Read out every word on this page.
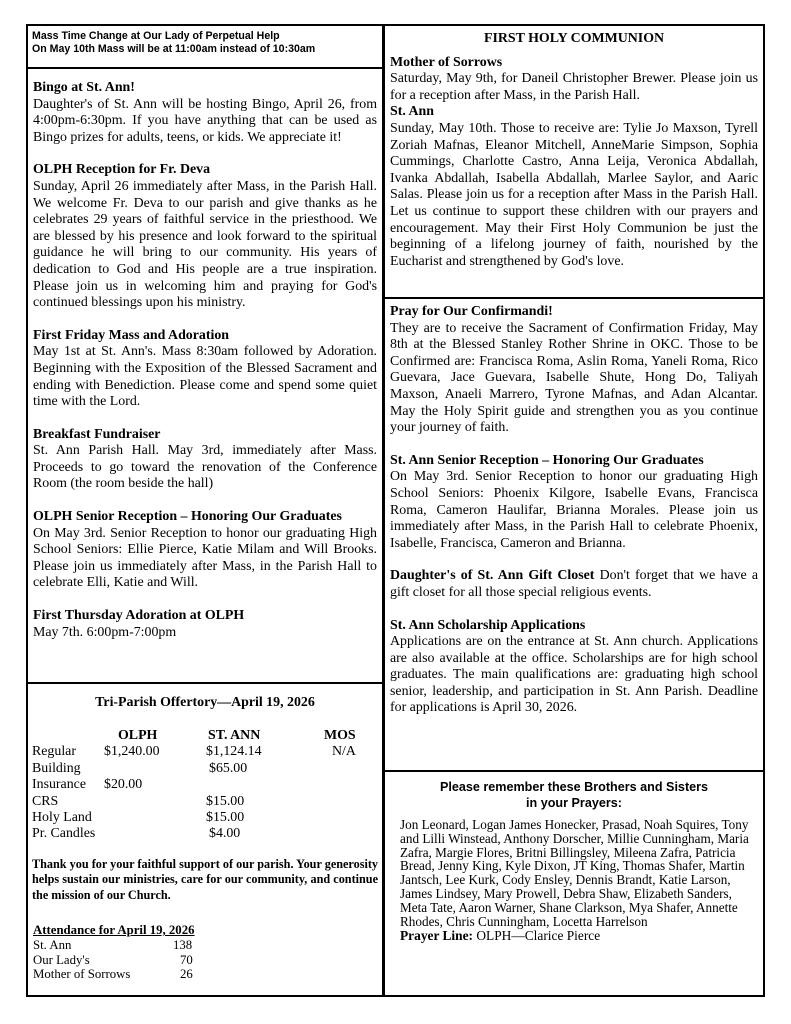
Mass Time Change at Our Lady of Perpetual Help

On May 10th Mass will be at 11:00am instead of 10:30am

Bingo at St. Ann!

Daughter's of St. Ann will be hosting Bingo, April 26, from 4:00pm-6:30pm. If you have anything that can be used as Bingo prizes for adults, teens, or kids. We appreciate it!

OLPH Reception for Fr. Deva

Sunday, April 26 immediately after Mass, in the Parish Hall. We welcome Fr. Deva to our parish and give thanks as he celebrates 29 years of faithful service in the priesthood. We are blessed by his presence and look forward to the spiritual guidance he will bring to our community. His years of dedication to God and His people are a true inspiration. Please join us in welcoming him and praying for God's continued blessings upon his ministry.

First Friday Mass and Adoration

May 1st at St. Ann's. Mass 8:30am followed by Adoration. Beginning with the Exposition of the Blessed Sacrament and ending with Benediction. Please come and spend some quiet time with the Lord.

Breakfast Fundraiser

St. Ann Parish Hall. May 3rd, immediately after Mass. Proceeds to go toward the renovation of the Conference Room (the room beside the hall)

OLPH Senior Reception – Honoring Our Graduates

On May 3rd. Senior Reception to honor our graduating High School Seniors: Ellie Pierce, Katie Milam and Will Brooks. Please join us immediately after Mass, in the Parish Hall to celebrate Elli, Katie and Will.

First Thursday Adoration at OLPH

May 7th. 6:00pm-7:00pm

Tri-Parish Offertory—April 19, 2026

	OLPH	ST. ANN	MOS
Regular	$1,240.00	$1,124.14	N/A
Building		$65.00	
Insurance	$20.00		
CRS		$15.00	
Holy Land		$15.00	
Pr. Candles		$4.00	

Thank you for your faithful support of our parish. Your generosity helps sustain our ministries, care for our community, and continue the mission of our Church.

Attendance for April 19, 2026

St. Ann	138
Our Lady's	70
Mother of Sorrows	26

FIRST HOLY COMMUNION

Mother of Sorrows

Saturday, May 9th, for Daneil Christopher Brewer. Please join us for a reception after Mass, in the Parish Hall.

St. Ann

Sunday, May 10th. Those to receive are: Tylie Jo Maxson, Tyrell Zoriah Mafnas, Eleanor Mitchell, AnneMarie Simpson, Sophia Cummings, Charlotte Castro, Anna Leija, Veronica Abdallah, Ivanka Abdallah, Isabella Abdallah, Marlee Saylor, and Aaric Salas. Please join us for a reception after Mass in the Parish Hall. Let us continue to support these children with our prayers and encouragement. May their First Holy Communion be just the beginning of a lifelong journey of faith, nourished by the Eucharist and strengthened by God's love.

Pray for Our Confirmandi!

They are to receive the Sacrament of Confirmation Friday, May 8th at the Blessed Stanley Rother Shrine in OKC. Those to be Confirmed are: Francisca Roma, Aslin Roma, Yaneli Roma, Rico Guevara, Jace Guevara, Isabelle Shute, Hong Do, Taliyah Maxson, Anaeli Marrero, Tyrone Mafnas, and Adan Alcantar. May the Holy Spirit guide and strengthen you as you continue your journey of faith.

St. Ann Senior Reception – Honoring Our Graduates

On May 3rd. Senior Reception to honor our graduating High School Seniors: Phoenix Kilgore, Isabelle Evans, Francisca Roma, Cameron Haulifar, Brianna Morales. Please join us immediately after Mass, in the Parish Hall to celebrate Phoenix, Isabelle, Francisca, Cameron and Brianna.

Daughter's of St. Ann Gift Closet Don't forget that we have a gift closet for all those special religious events.

St. Ann Scholarship Applications

Applications are on the entrance at St. Ann church. Applications are also available at the office. Scholarships are for high school graduates. The main qualifications are: graduating high school senior, leadership, and participation in St. Ann Parish. Deadline for applications is April 30, 2026.

Please remember these Brothers and Sisters

in your Prayers:

Jon Leonard, Logan James Honecker, Prasad, Noah Squires, Tony and Lilli Winstead, Anthony Dorscher, Millie Cunningham, Maria Zafra, Margie Flores, Britni Billingsley, Mileena Zafra, Patricia Bread, Jenny King, Kyle Dixon, JT King, Thomas Shafer, Martin Jantsch, Lee Kurk, Cody Ensley, Dennis Brandt, Katie Larson, James Lindsey, Mary Prowell, Debra Shaw, Elizabeth Sanders, Meta Tate, Aaron Warner, Shane Clarkson, Mya Shafer, Annette Rhodes, Chris Cunningham, Locetta Harrelson

Prayer Line: OLPH—Clarice Pierce
